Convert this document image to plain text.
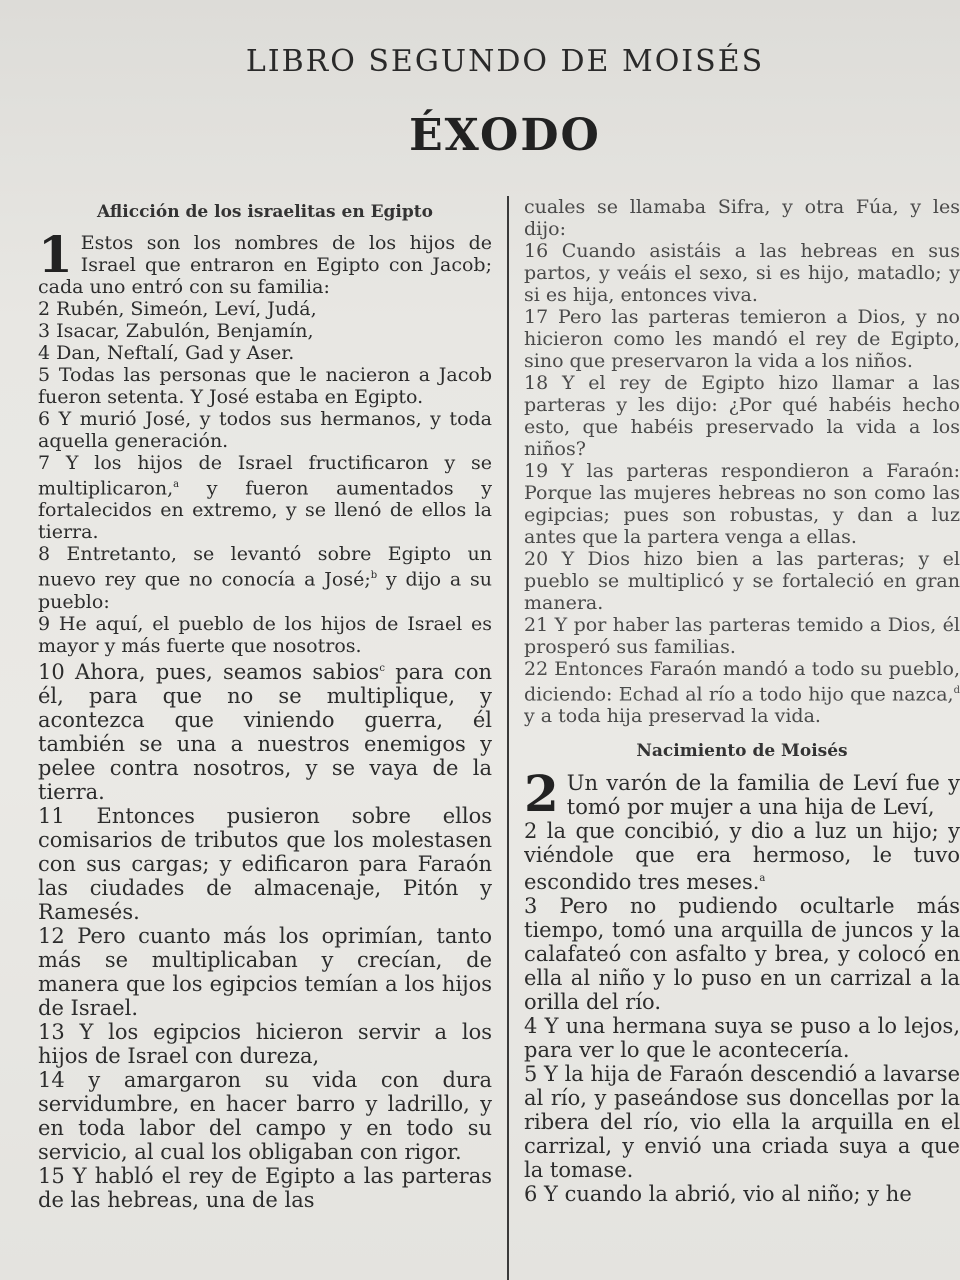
LIBRO SEGUNDO DE MOISÉS
ÉXODO
Aflicción de los israelitas en Egipto

1 Estos son los nombres de los hijos de Israel que entraron en Egipto con Jacob; cada uno entró con su familia:

2 Rubén, Simeón, Leví, Judá,

3 Isacar, Zabulón, Benjamín,

4 Dan, Neftalí, Gad y Aser.

5 Todas las personas que le nacieron a Jacob fueron setenta. Y José estaba en Egipto.

6 Y murió José, y todos sus hermanos, y toda aquella generación.

7 Y los hijos de Israel fructificaron y se multiplicaron,$^a$ y fueron aumentados y fortalecidos en extremo, y se llenó de ellos la tierra.

8 Entretanto, se levantó sobre Egipto un nuevo rey que no conocía a José;$^b$ y dijo a su pueblo:

9 He aquí, el pueblo de los hijos de Israel es mayor y más fuerte que nosotros.

10 Ahora, pues, seamos sabios$^c$ para con él, para que no se multiplique, y acontezca que viniendo guerra, él también se una a nuestros enemigos y pelee contra nosotros, y se vaya de la tierra.

11 Entonces pusieron sobre ellos comisarios de tributos que los molestasen con sus cargas; y edificaron para Faraón las ciudades de almacenaje, Pitón y Ramesés.

12 Pero cuanto más los oprimían, tanto más se multiplicaban y crecían, de manera que los egipcios temían a los hijos de Israel.

13 Y los egipcios hicieron servir a los hijos de Israel con dureza,

14 y amargaron su vida con dura servidumbre, en hacer barro y ladrillo, y en toda labor del campo y en todo su servicio, al cual los obligaban con rigor.

15 Y habló el rey de Egipto a las parteras de las hebreas, una de las

cuales se llamaba Sifra, y otra Fúa, y les dijo:

16 Cuando asistáis a las hebreas en sus partos, y veáis el sexo, si es hijo, matadlo; y si es hija, entonces viva.

17 Pero las parteras temieron a Dios, y no hicieron como les mandó el rey de Egipto, sino que preservaron la vida a los niños.

18 Y el rey de Egipto hizo llamar a las parteras y les dijo: ¿Por qué habéis hecho esto, que habéis preservado la vida a los niños?

19 Y las parteras respondieron a Faraón: Porque las mujeres hebreas no son como las egipcias; pues son robustas, y dan a luz antes que la partera venga a ellas.

20 Y Dios hizo bien a las parteras; y el pueblo se multiplicó y se fortaleció en gran manera.

21 Y por haber las parteras temido a Dios, él prosperó sus familias.

22 Entonces Faraón mandó a todo su pueblo, diciendo: Echad al río a todo hijo que nazca,$^d$ y a toda hija preservad la vida.

Nacimiento de Moisés

2 Un varón de la familia de Leví fue y tomó por mujer a una hija de Leví,

2 la que concibió, y dio a luz un hijo; y viéndole que era hermoso, le tuvo escondido tres meses.$^a$

3 Pero no pudiendo ocultarle más tiempo, tomó una arquilla de juncos y la calafateó con asfalto y brea, y colocó en ella al niño y lo puso en un carrizal a la orilla del río.

4 Y una hermana suya se puso a lo lejos, para ver lo que le acontecería.

5 Y la hija de Faraón descendió a lavarse al río, y paseándose sus doncellas por la ribera del río, vio ella la arquilla en el carrizal, y envió una criada suya a que la tomase.

6 Y cuando la abrió, vio al niño; y he
